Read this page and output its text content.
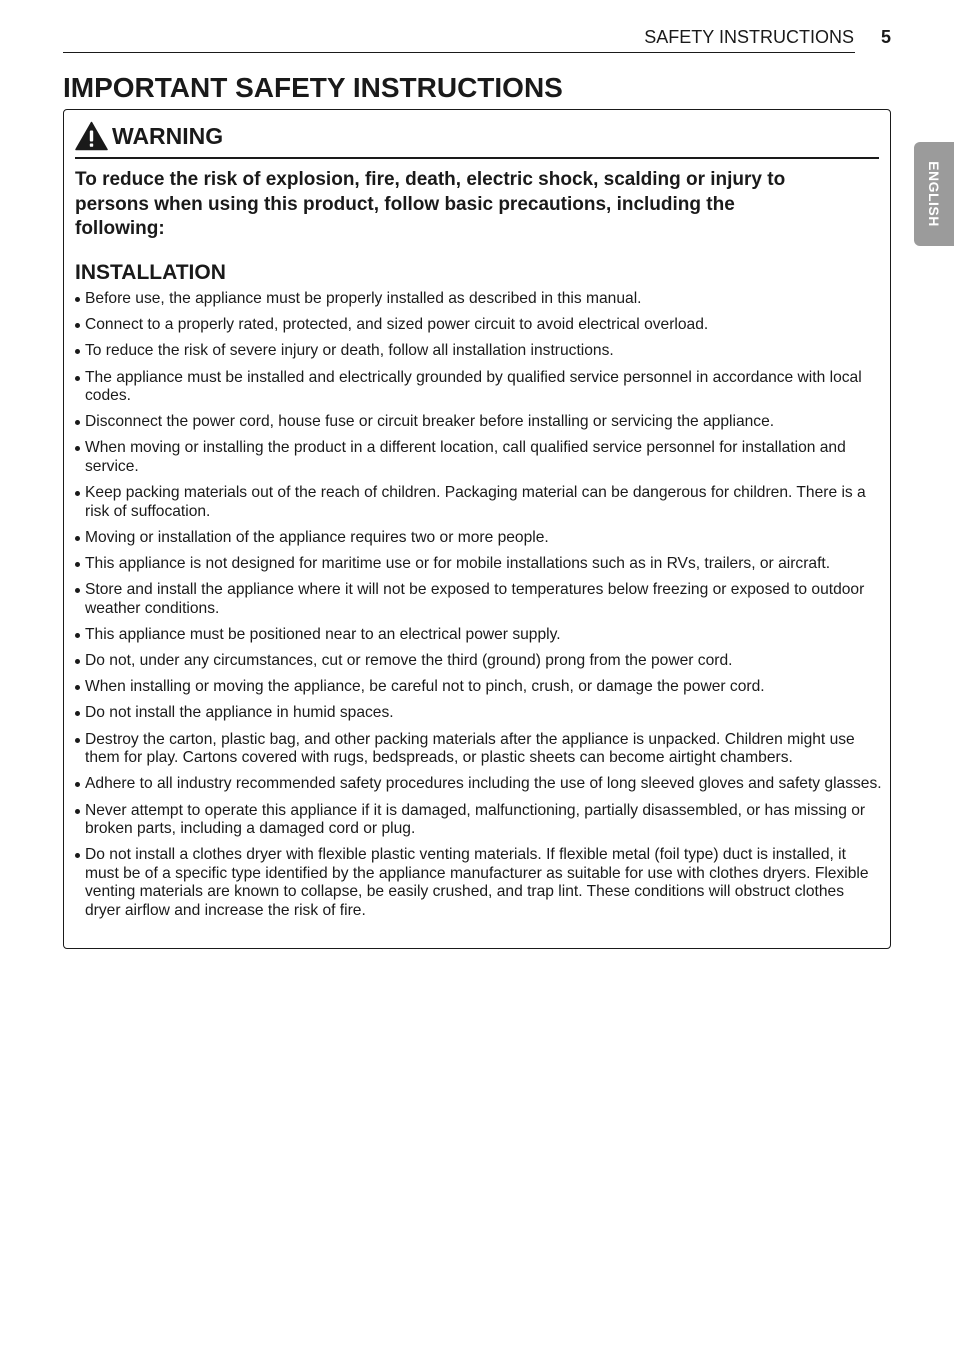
SAFETY INSTRUCTIONS 5
IMPORTANT SAFETY INSTRUCTIONS
ENGLISH
WARNING

To reduce the risk of explosion, fire, death, electric shock, scalding or injury to persons when using this product, follow basic precautions, including the following:

INSTALLATION
Before use, the appliance must be properly installed as described in this manual.
Connect to a properly rated, protected, and sized power circuit to avoid electrical overload.
To reduce the risk of severe injury or death, follow all installation instructions.
The appliance must be installed and electrically grounded by qualified service personnel in accordance with local codes.
Disconnect the power cord, house fuse or circuit breaker before installing or servicing the appliance.
When moving or installing the product in a different location, call qualified service personnel for installation and service.
Keep packing materials out of the reach of children. Packaging material can be dangerous for children. There is a risk of suffocation.
Moving or installation of the appliance requires two or more people.
This appliance is not designed for maritime use or for mobile installations such as in RVs, trailers, or aircraft.
Store and install the appliance where it will not be exposed to temperatures below freezing or exposed to outdoor weather conditions.
This appliance must be positioned near to an electrical power supply.
Do not, under any circumstances, cut or remove the third (ground) prong from the power cord.
When installing or moving the appliance, be careful not to pinch, crush, or damage the power cord.
Do not install the appliance in humid spaces.
Destroy the carton, plastic bag, and other packing materials after the appliance is unpacked. Children might use them for play. Cartons covered with rugs, bedspreads, or plastic sheets can become airtight chambers.
Adhere to all industry recommended safety procedures including the use of long sleeved gloves and safety glasses.
Never attempt to operate this appliance if it is damaged, malfunctioning, partially disassembled, or has missing or broken parts, including a damaged cord or plug.
Do not install a clothes dryer with flexible plastic venting materials. If flexible metal (foil type) duct is installed, it must be of a specific type identified by the appliance manufacturer as suitable for use with clothes dryers. Flexible venting materials are known to collapse, be easily crushed, and trap lint. These conditions will obstruct clothes dryer airflow and increase the risk of fire.
